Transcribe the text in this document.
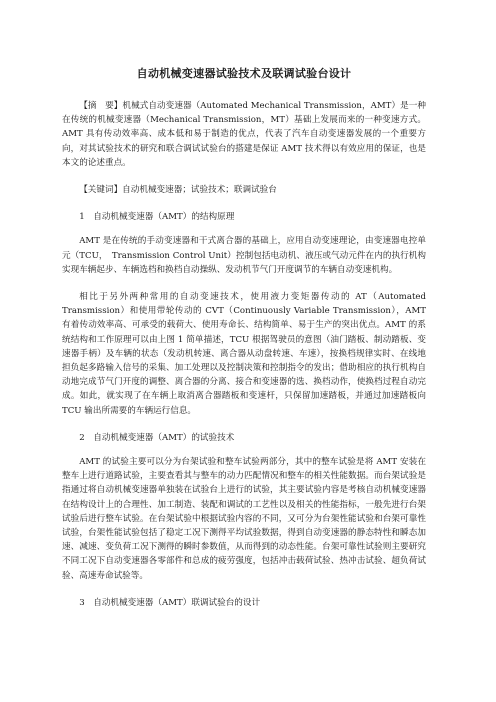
自动机械变速器试验技术及联调试验台设计

【摘　要】机械式自动变速器（Automated Mechanical Transmission，AMT）是一种在传统的机械变速器（Mechanical Transmission，MT）基础上发展而来的一种变速方式。AMT 具有传动效率高、成本低和易于制造的优点，代表了汽车自动变速器发展的一个重要方向，对其试验技术的研究和联合调试试验台的搭建是保证 AMT 技术得以有效应用的保证，也是本文的论述重点。

【关键词】自动机械变速器；试验技术；联调试验台

1　自动机械变速器（AMT）的结构原理

AMT 是在传统的手动变速器和干式离合器的基础上，应用自动变速理论，由变速器电控单元（TCU，　Transmission Control Unit）控制包括电动机、液压或气动元件在内的执行机构实现车辆起步、车辆选档和换档自动操纵、发动机节气门开度调节的车辆自动变速机构。

相比于另外两种常用的自动变速技术，使用液力变矩器传动的 AT（Automated Transmission）和使用带轮传动的 CVT（Continuously Variable Transmission），AMT 有着传动效率高、可承受的载荷大、使用寿命长、结构简单、易于生产的突出优点。AMT 的系统结构和工作原理可以由上图 1 简单描述，TCU 根据驾驶员的意图（油门踏板、制动踏板、变速器手柄）及车辆的状态（发动机转速、离合器从动盘转速、车速），按换档规律实时、在线地担负起多路输入信号的采集、加工处理以及控制决策和控制指令的发出；借助相应的执行机构自动地完成节气门开度的调整、离合器的分离、接合和变速器的选、换档动作，使换档过程自动完成。如此，就实现了在车辆上取消离合器踏板和变速杆，只保留加速踏板，并通过加速踏板向 TCU 输出所需要的车辆运行信息。

2　自动机械变速器（AMT）的试验技术

AMT 的试验主要可以分为台架试验和整车试验两部分，其中的整车试验是将 AMT 安装在整车上进行道路试验，主要查看其与整车的动力匹配情况和整车的相关性能数据。而台架试验是指通过将自动机械变速器单独装在试验台上进行的试验，其主要试验内容是考核自动机械变速器在结构设计上的合理性、加工制造、装配和调试的工艺性以及相关的性能指标，一般先进行台架试验后进行整车试验。在台架试验中根据试验内容的不同，又可分为台架性能试验和台架可靠性试验，台架性能试验包括了稳定工况下测得平均试验数据，得到自动变速器的静态特性和瞬态加速、减速、变负荷工况下测得的瞬时参数值，从而得到的动态性能。台架可靠性试验则主要研究不同工况下自动变速器各零部件和总成的疲劳强度，包括冲击载荷试验、热冲击试验、超负荷试验、高速寿命试验等。

3　自动机械变速器（AMT）联调试验台的设计
